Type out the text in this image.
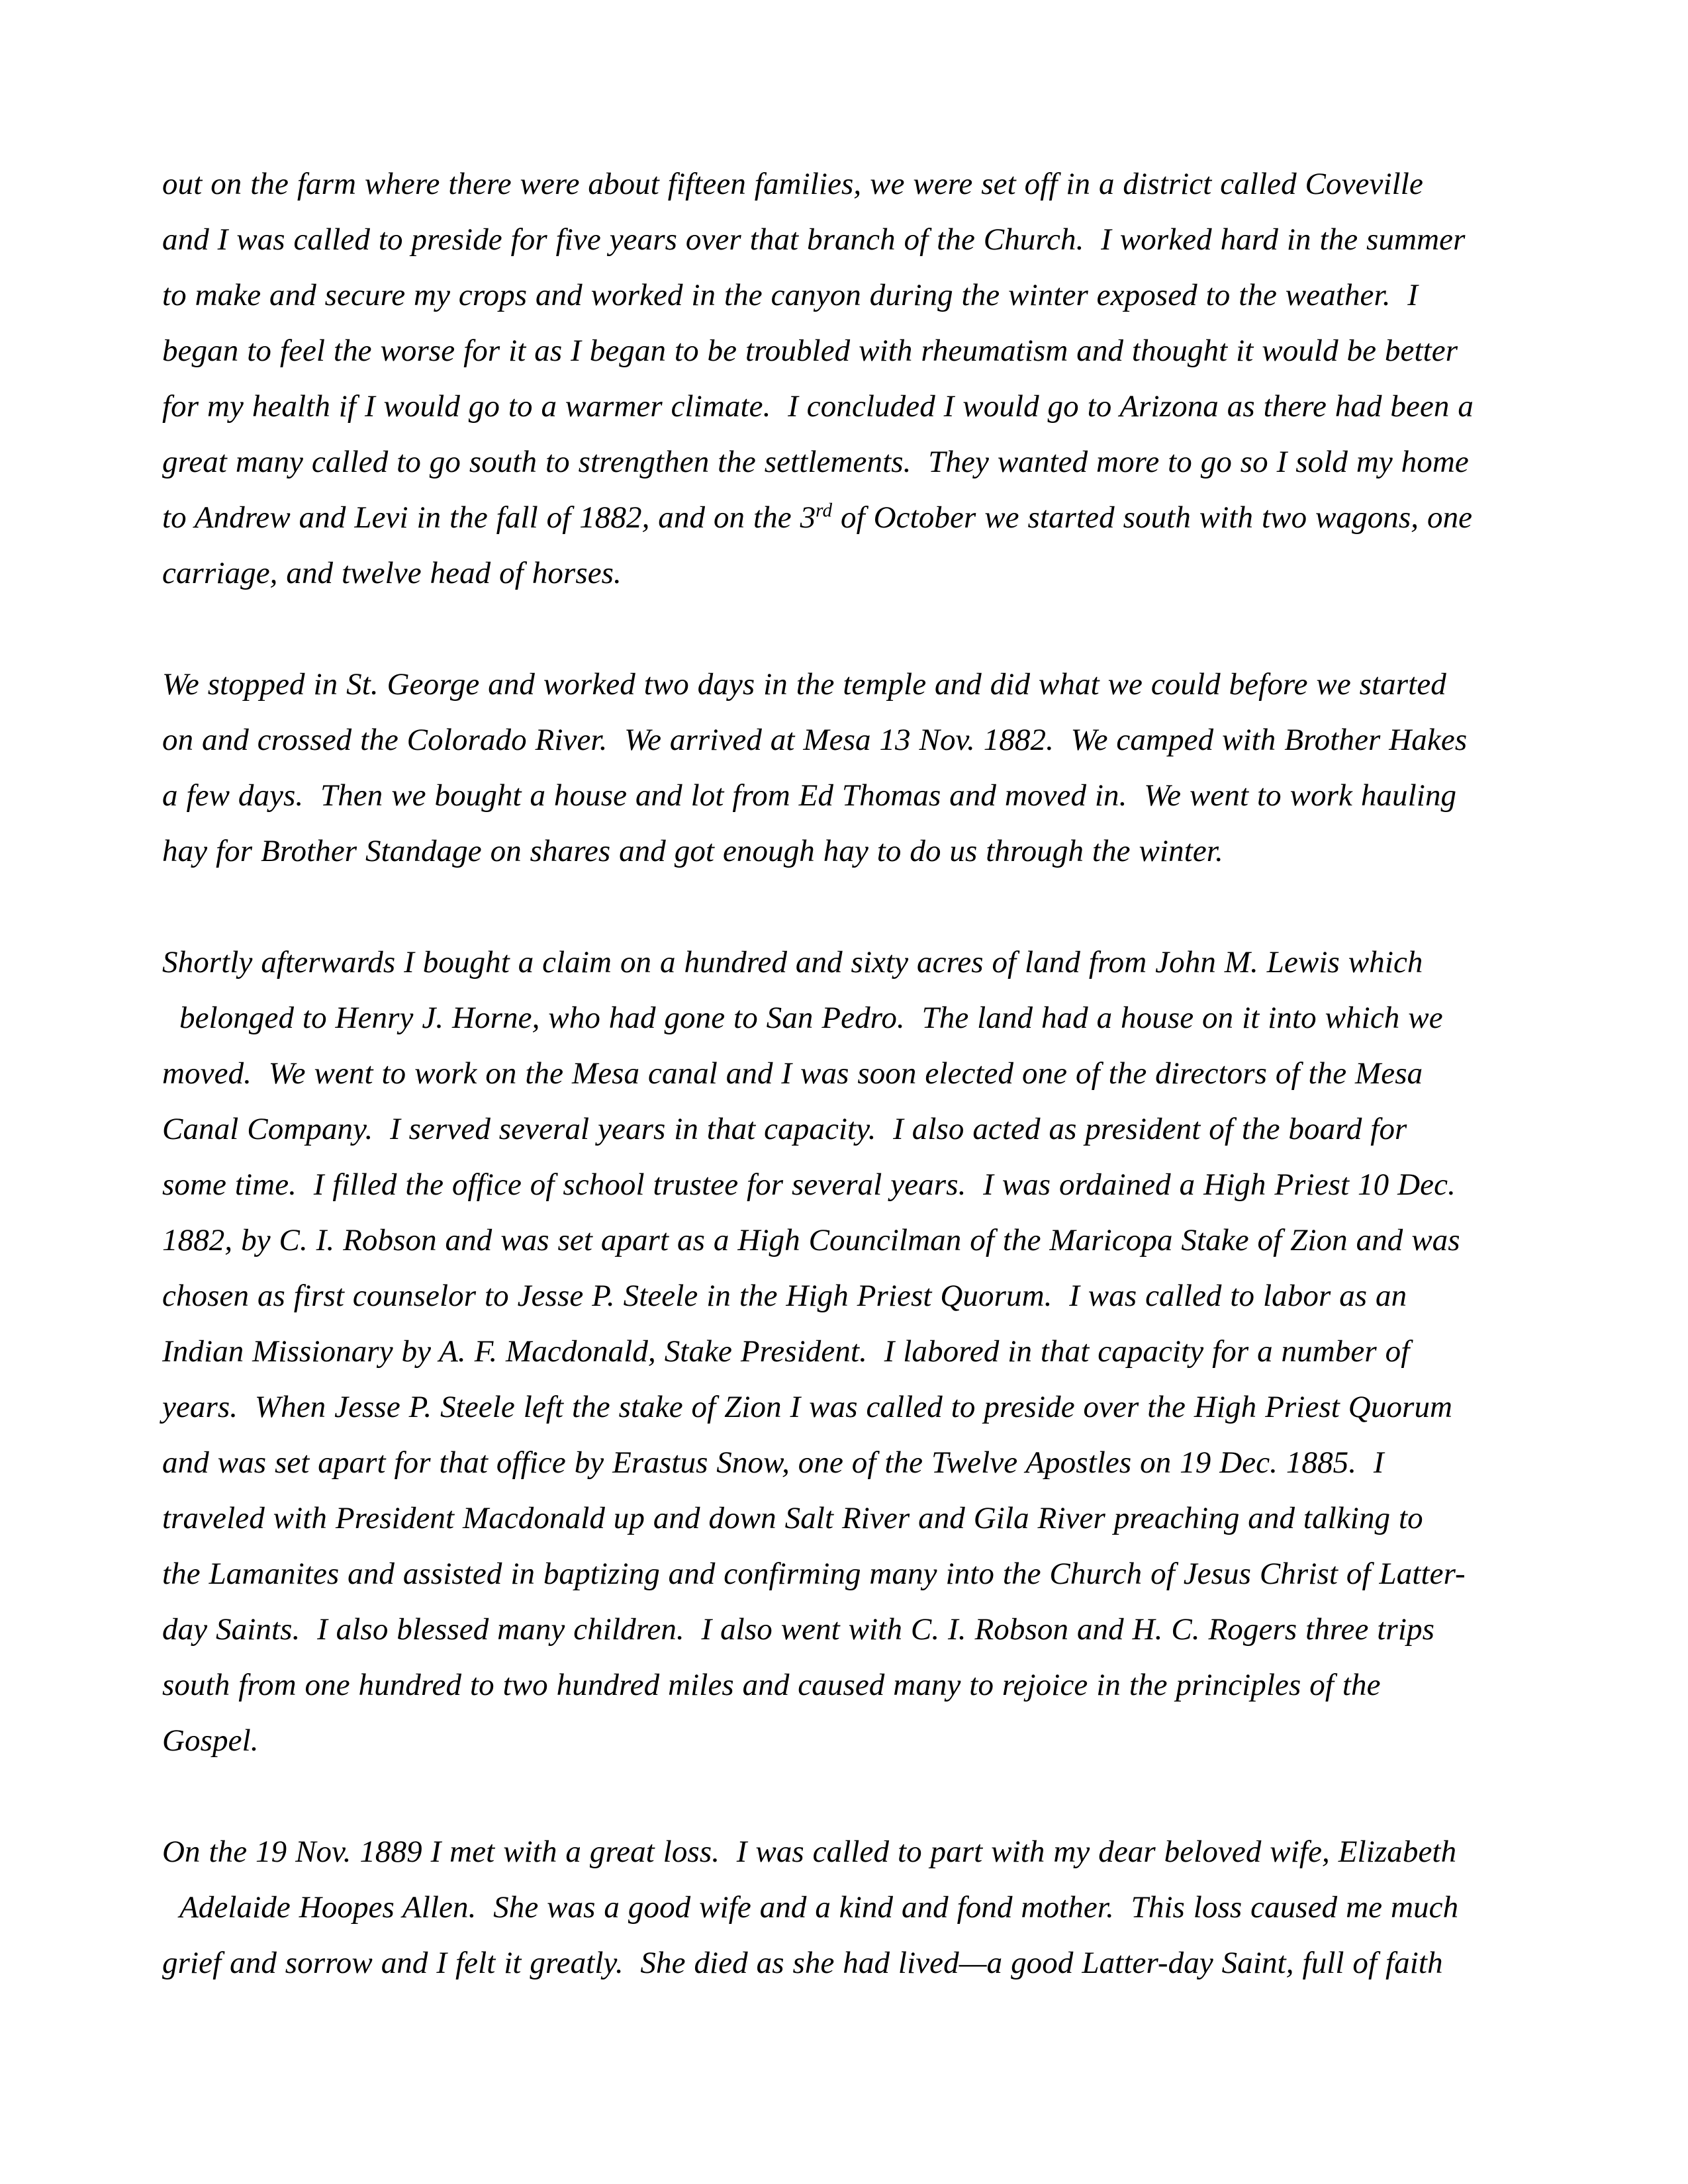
out on the farm where there were about fifteen families, we were set off in a district called Coveville
and I was called to preside for five years over that branch of the Church.  I worked hard in the summer
to make and secure my crops and worked in the canyon during the winter exposed to the weather.  I
began to feel the worse for it as I began to be troubled with rheumatism and thought it would be better
for my health if I would go to a warmer climate.  I concluded I would go to Arizona as there had been a
great many called to go south to strengthen the settlements.  They wanted more to go so I sold my home
to Andrew and Levi in the fall of 1882, and on the 3rd of October we started south with two wagons, one
carriage, and twelve head of horses.

We stopped in St. George and worked two days in the temple and did what we could before we started
on and crossed the Colorado River.  We arrived at Mesa 13 Nov. 1882.  We camped with Brother Hakes
a few days.  Then we bought a house and lot from Ed Thomas and moved in.  We went to work hauling
hay for Brother Standage on shares and got enough hay to do us through the winter.

Shortly afterwards I bought a claim on a hundred and sixty acres of land from John M. Lewis which
belonged to Henry J. Horne, who had gone to San Pedro.  The land had a house on it into which we
moved.  We went to work on the Mesa canal and I was soon elected one of the directors of the Mesa
Canal Company.  I served several years in that capacity.  I also acted as president of the board for
some time.  I filled the office of school trustee for several years.  I was ordained a High Priest 10 Dec.
1882, by C. I. Robson and was set apart as a High Councilman of the Maricopa Stake of Zion and was
chosen as first counselor to Jesse P. Steele in the High Priest Quorum.  I was called to labor as an
Indian Missionary by A. F. Macdonald, Stake President.  I labored in that capacity for a number of
years.  When Jesse P. Steele left the stake of Zion I was called to preside over the High Priest Quorum
and was set apart for that office by Erastus Snow, one of the Twelve Apostles on 19 Dec. 1885.  I
traveled with President Macdonald up and down Salt River and Gila River preaching and talking to
the Lamanites and assisted in baptizing and confirming many into the Church of Jesus Christ of Latter-
day Saints.  I also blessed many children.  I also went with C. I. Robson and H. C. Rogers three trips
south from one hundred to two hundred miles and caused many to rejoice in the principles of the
Gospel.

On the 19 Nov. 1889 I met with a great loss.  I was called to part with my dear beloved wife, Elizabeth
Adelaide Hoopes Allen.  She was a good wife and a kind and fond mother.  This loss caused me much
grief and sorrow and I felt it greatly.  She died as she had lived—a good Latter-day Saint, full of faith
